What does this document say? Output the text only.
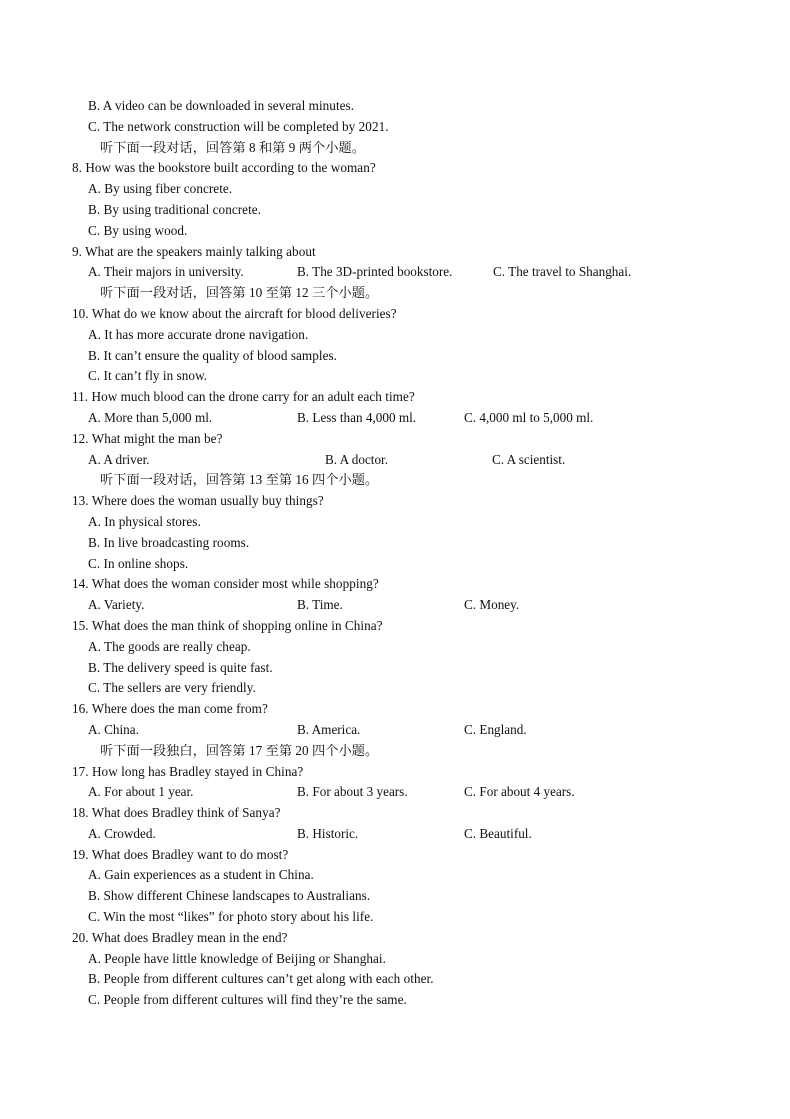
B. A video can be downloaded in several minutes.
C. The network construction will be completed by 2021.
听下面一段对话，回答第 8 和第 9 两个小题。
8. How was the bookstore built according to the woman?
A. By using fiber concrete.
B. By using traditional concrete.
C. By using wood.
9. What are the speakers mainly talking about
A. Their majors in university.	B. The 3D-printed bookstore.	C. The travel to Shanghai.
听下面一段对话，回答第 10 至第 12 三个小题。
10. What do we know about the aircraft for blood deliveries?
A. It has more accurate drone navigation.
B. It can’t ensure the quality of blood samples.
C. It can’t fly in snow.
11. How much blood can the drone carry for an adult each time?
A. More than 5,000 ml.	B. Less than 4,000 ml.	C. 4,000 ml to 5,000 ml.
12. What might the man be?
A. A driver.	B. A doctor.	C. A scientist.
听下面一段对话，回答第 13 至第 16 四个小题。
13. Where does the woman usually buy things?
A. In physical stores.
B. In live broadcasting rooms.
C. In online shops.
14. What does the woman consider most while shopping?
A. Variety.	B. Time.	C. Money.
15. What does the man think of shopping online in China?
A. The goods are really cheap.
B. The delivery speed is quite fast.
C. The sellers are very friendly.
16. Where does the man come from?
A. China.	B. America.	C. England.
听下面一段独白，回答第 17 至第 20 四个小题。
17. How long has Bradley stayed in China?
A. For about 1 year.	B. For about 3 years.	C. For about 4 years.
18. What does Bradley think of Sanya?
A. Crowded.	B. Historic.	C. Beautiful.
19. What does Bradley want to do most?
A. Gain experiences as a student in China.
B. Show different Chinese landscapes to Australians.
C. Win the most “likes” for photo story about his life.
20. What does Bradley mean in the end?
A. People have little knowledge of Beijing or Shanghai.
B. People from different cultures can’t get along with each other.
C. People from different cultures will find they’re the same.
